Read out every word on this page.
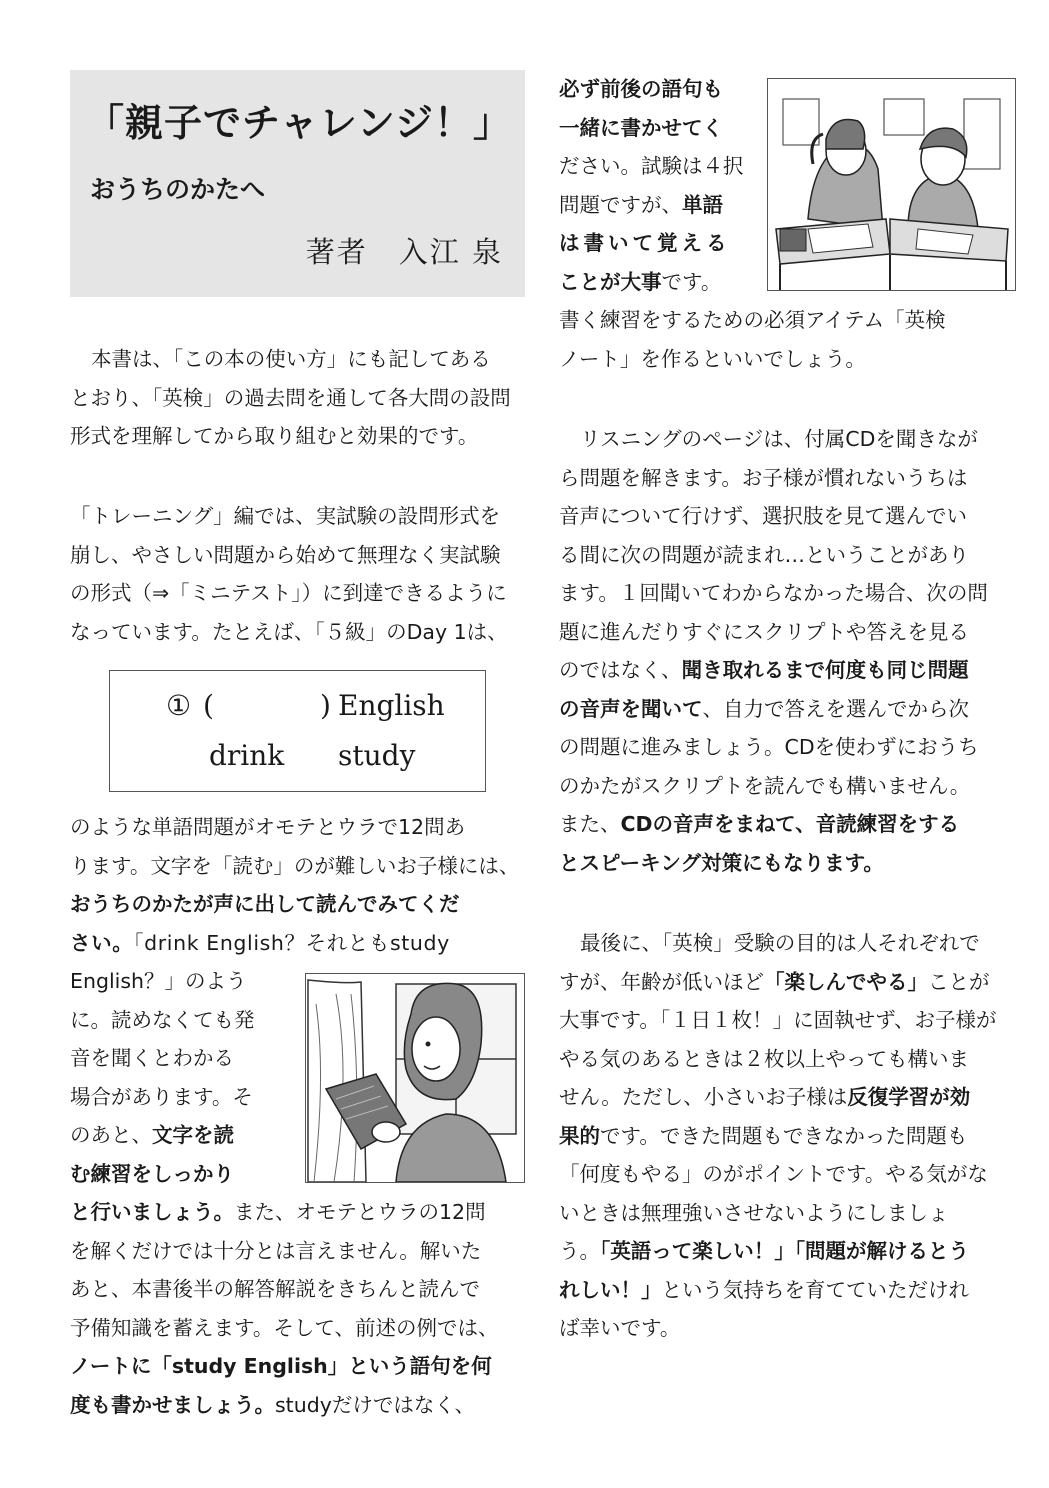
「親子でチャレンジ！」
おうちのかたへ
著者　入江 泉

本書は、「この本の使い方」にも記してある

とおり、「英検」の過去問を通して各大問の設問

形式を理解してから取り組むと効果的です。

「トレーニング」編では、実試験の設問形式を

崩し、やさしい問題から始めて無理なく実試験

の形式（⇒「ミニテスト」）に到達できるように

なっています。たとえば、「５級」のDay 1は、

のような単語問題がオモテとウラで12問あ

ります。文字を「読む」のが難しいお子様には、

おうちのかたが声に出して読んでみてくだ

さい。「drink English？それともstudy

English？」のよう

に。読めなくても発

音を聞くとわかる

場合があります。そ

のあと、文字を読

む練習をしっかり

と行いましょう。また、オモテとウラの12問

を解くだけでは十分とは言えません。解いた

あと、本書後半の解答解説をきちんと読んで

予備知識を蓄えます。そして、前述の例では、

ノートに「study English」という語句を何

度も書かせましょう。studyだけではなく、

① (	) English
drink study

必ず前後の語句も

一緒に書かせてく

ださい。試験は４択

問題ですが、単語

は書いて覚える

ことが大事です。

書く練習をするための必須アイテム「英検

ノート」を作るといいでしょう。

リスニングのページは、付属CDを聞きなが

ら問題を解きます。お子様が慣れないうちは

音声について行けず、選択肢を見て選んでい

る間に次の問題が読まれ…ということがあり

ます。１回聞いてわからなかった場合、次の問

題に進んだりすぐにスクリプトや答えを見る

のではなく、聞き取れるまで何度も同じ問題

の音声を聞いて、自力で答えを選んでから次

の問題に進みましょう。CDを使わずにおうち

のかたがスクリプトを読んでも構いません。

また、CDの音声をまねて、音読練習をする

とスピーキング対策にもなります。

最後に、「英検」受験の目的は人それぞれで

すが、年齢が低いほど「楽しんでやる」ことが

大事です。「１日１枚！」に固執せず、お子様が

やる気のあるときは２枚以上やっても構いま

せん。ただし、小さいお子様は反復学習が効

果的です。できた問題もできなかった問題も

「何度もやる」のがポイントです。やる気がな

いときは無理強いさせないようにしましょ

う。「英語って楽しい！」「問題が解けるとう

れしい！」という気持ちを育てていただけれ

ば幸いです。
